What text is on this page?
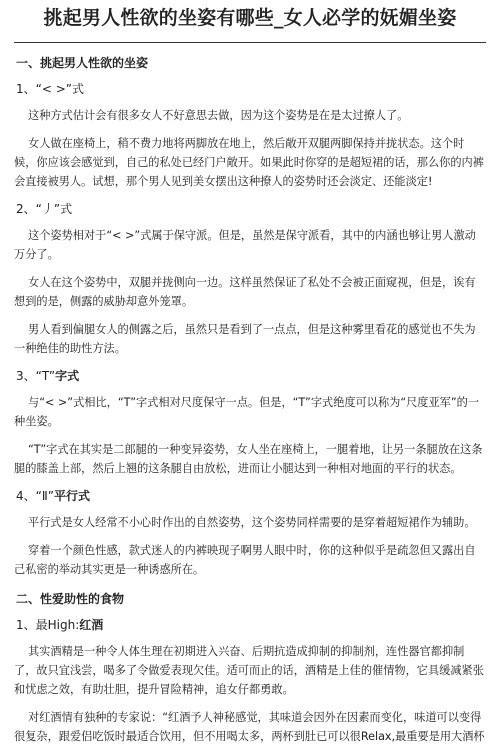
挑起男人性欲的坐姿有哪些_女人必学的妩媚坐姿
一、挑起男人性欲的坐姿
1、“< >”式
这种方式估计会有很多女人不好意思去做，因为这个姿势是在是太过撩人了。
女人做在座椅上，稍不费力地将两脚放在地上，然后敞开双腿两脚保持并拢状态。这个时候，你应该会感觉到，自己的私处已经门户敞开。如果此时你穿的是超短裙的话，那么你的内裤会直接被男人。试想，那个男人见到美女摆出这种撩人的姿势时还会淡定、还能淡定!
2、“丿”式
这个姿势相对于“< >”式属于保守派。但是，虽然是保守派看，其中的内涵也够让男人激动万分了。
女人在这个姿势中，双腿并拢侧向一边。这样虽然保证了私处不会被正面窥视，但是，诶有想到的是，侧露的威胁却意外笼罩。
男人看到偏腿女人的侧露之后，虽然只是看到了一点点，但是这种雾里看花的感觉也不失为一种绝佳的助性方法。
3、“T”字式
与“< >”式相比，“T”字式相对尺度保守一点。但是，“T”字式绝度可以称为“尺度亚军”的一种坐姿。
“T”字式在其实是二郎腿的一种变异姿势，女人坐在座椅上，一腿着地，让另一条腿放在这条腿的膝盖上部，然后上翘的这条腿自由放松，进而让小腿达到一种相对地面的平行的状态。
4、“Ⅱ”平行式
平行式是女人经常不小心时作出的自然姿势，这个姿势同样需要的是穿着超短裙作为辅助。
穿着一个颜色性感，款式迷人的内裤映现子啊男人眼中时，你的这种似乎是疏忽但又露出自己私密的举动其实更是一种诱惑所在。
二、性爱助性的食物
1、最High:红酒
其实酒精是一种令人体生理在初期进入兴奋、后期抗造成抑制的抑制剂，连性器官都抑制了，故只宜浅尝，喝多了令做爱表现欠佳。适可而止的话，酒精是上佳的催情物，它具缓减紧张和忧虑之效，有助壮胆，提升冒险精神，追女仔都勇敢。
对红酒情有独种的专家说：“红酒予人神秘感觉，其味道会因外在因素而变化，味道可以变得很复杂，跟爱侣吃饭时最适合饮用，但不用喝太多，两杯到肚已可以很Relax,最重要是用大酒杯
